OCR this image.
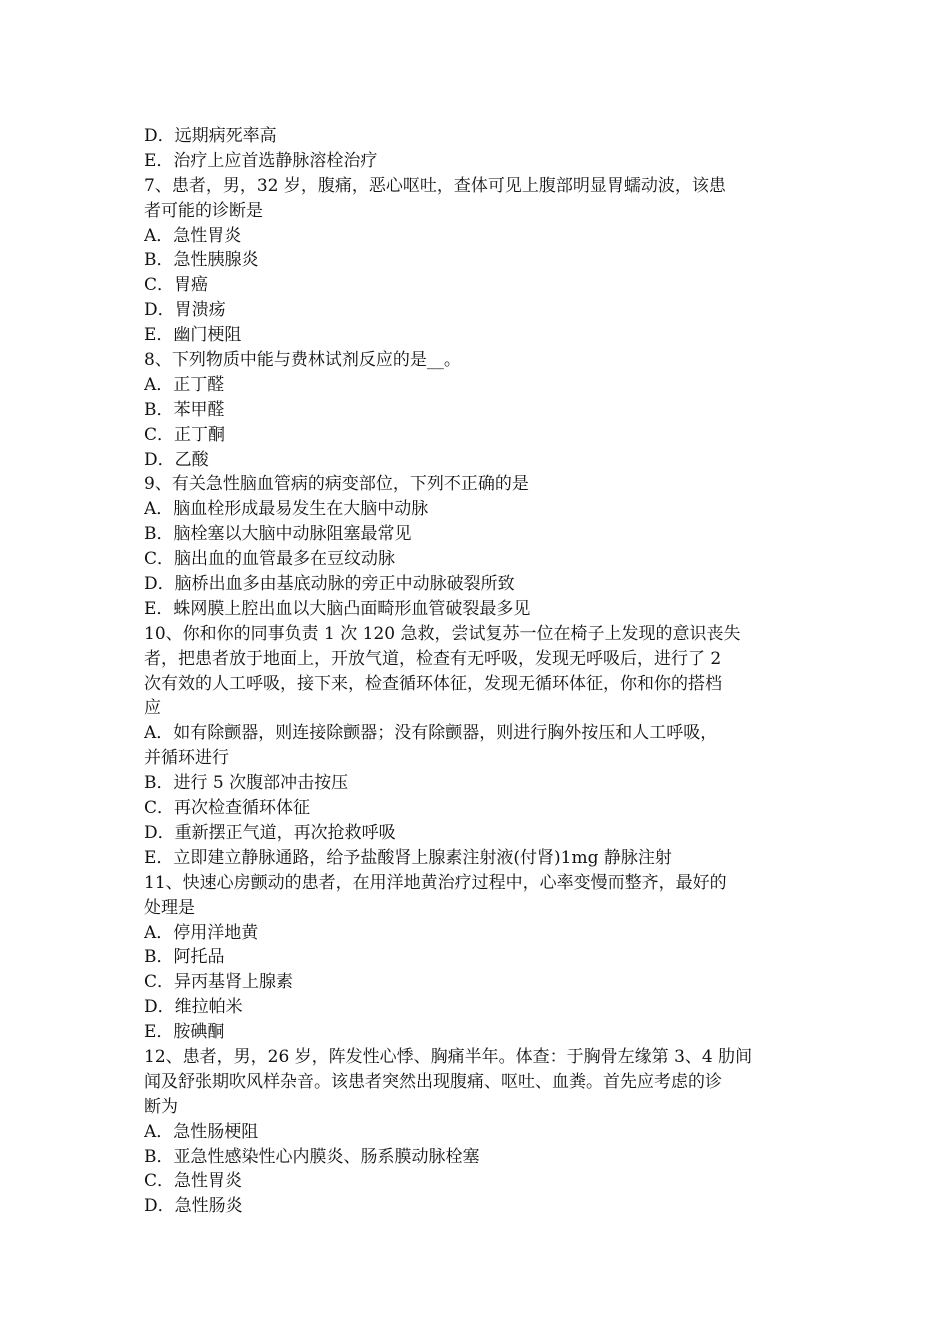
D．远期病死率高
E．治疗上应首选静脉溶栓治疗
7、患者，男，32 岁，腹痛，恶心呕吐，查体可见上腹部明显胃蠕动波，该患
者可能的诊断是
A．急性胃炎
B．急性胰腺炎
C．胃癌
D．胃溃疡
E．幽门梗阻
8、下列物质中能与费林试剂反应的是__。
A．正丁醛
B．苯甲醛
C．正丁酮
D．乙酸
9、有关急性脑血管病的病变部位，下列不正确的是
A．脑血栓形成最易发生在大脑中动脉
B．脑栓塞以大脑中动脉阻塞最常见
C．脑出血的血管最多在豆纹动脉
D．脑桥出血多由基底动脉的旁正中动脉破裂所致
E．蛛网膜上腔出血以大脑凸面畸形血管破裂最多见
10、你和你的同事负责 1 次 120 急救，尝试复苏一位在椅子上发现的意识丧失
者，把患者放于地面上，开放气道，检查有无呼吸，发现无呼吸后，进行了 2
次有效的人工呼吸，接下来，检查循环体征，发现无循环体征，你和你的搭档
应
A．如有除颤器，则连接除颤器；没有除颤器，则进行胸外按压和人工呼吸，
并循环进行
B．进行 5 次腹部冲击按压
C．再次检查循环体征
D．重新摆正气道，再次抢救呼吸
E．立即建立静脉通路，给予盐酸肾上腺素注射液(付肾)1mg 静脉注射
11、快速心房颤动的患者，在用洋地黄治疗过程中，心率变慢而整齐，最好的
处理是
A．停用洋地黄
B．阿托品
C．异丙基肾上腺素
D．维拉帕米
E．胺碘酮
12、患者，男，26 岁，阵发性心悸、胸痛半年。体查：于胸骨左缘第 3、4 肋间
闻及舒张期吹风样杂音。该患者突然出现腹痛、呕吐、血粪。首先应考虑的诊
断为
A．急性肠梗阻
B．亚急性感染性心内膜炎、肠系膜动脉栓塞
C．急性胃炎
D．急性肠炎
